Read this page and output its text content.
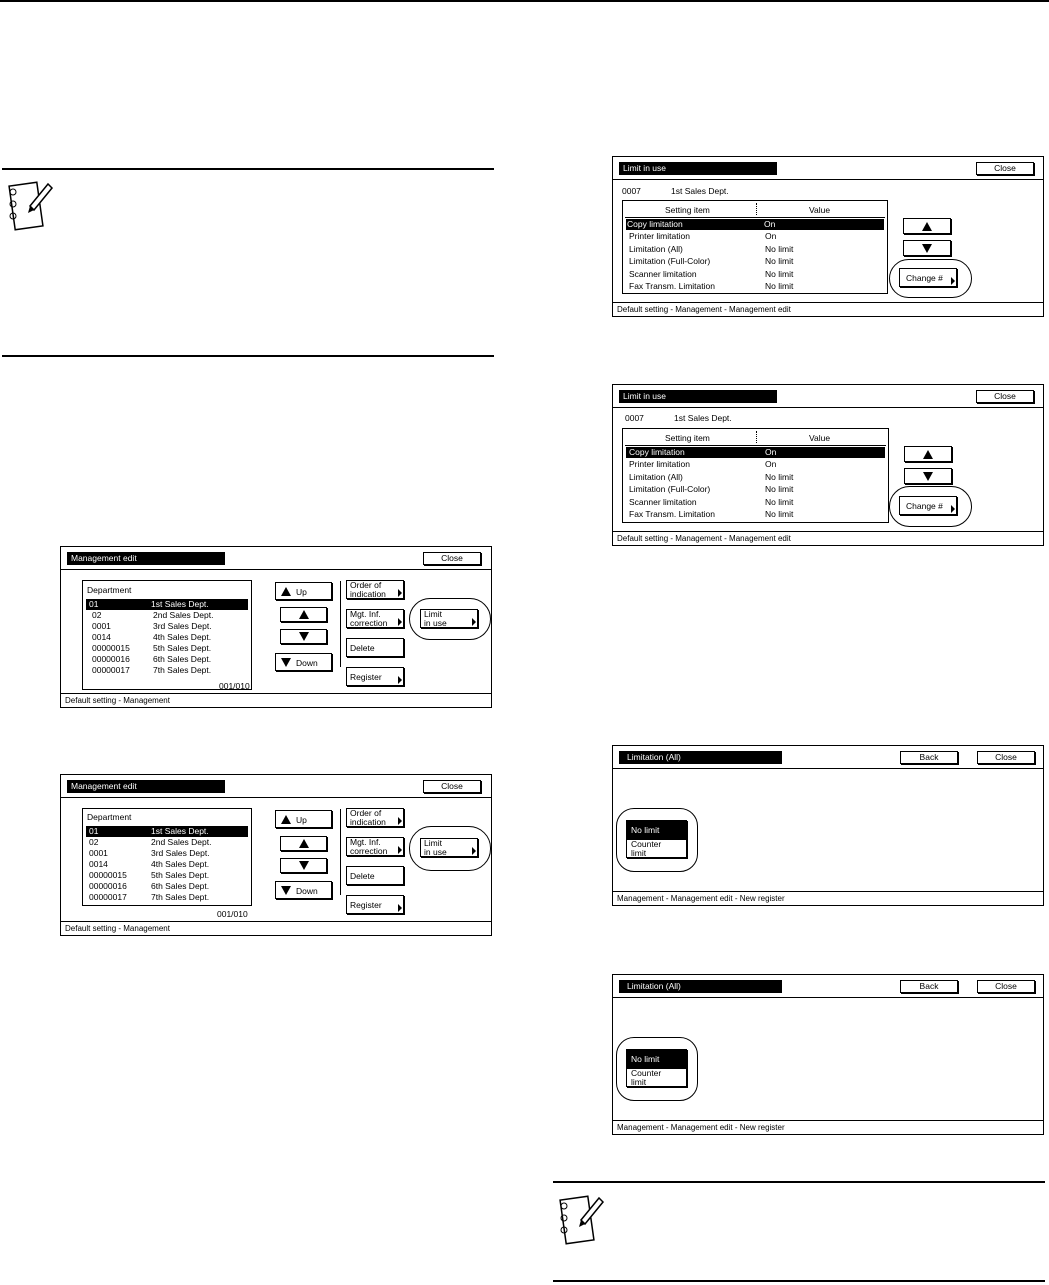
Management edit	Close
Department
01	1st Sales Dept.
02	2nd Sales Dept.
0001	3rd Sales Dept.
0014	4th Sales Dept.
00000015	5th Sales Dept.
00000016	6th Sales Dept.
00000017	7th Sales Dept.
001/010
Up
Down
Order of
indication
Mgt. Inf.
correction
Delete
Register
Limit
in use
Default setting - Management
Management edit	Close
Department
01	1st Sales Dept.
02	2nd Sales Dept.
0001	3rd Sales Dept.
0014	4th Sales Dept.
00000015	5th Sales Dept.
00000016	6th Sales Dept.
00000017	7th Sales Dept.
001/010
Up
Down
Order of
indication
Mgt. Inf.
correction
Delete
Register
Limit
in use
Default setting - Management
Limit in use	Close
0007	1st Sales Dept.
Setting item	Value
Copy limitation	On
Printer limitation	On
Limitation (All)	No limit
Limitation (Full-Color)	No limit
Scanner limitation	No limit
Fax Transm. Limitation	No limit
Change #
Default setting - Management - Management edit
Limit in use	Close
0007	1st Sales Dept.
Setting item	Value
Copy limitation	On
Printer limitation	On
Limitation (All)	No limit
Limitation (Full-Color)	No limit
Scanner limitation	No limit
Fax Transm. Limitation	No limit
Change #
Default setting - Management - Management edit
Limitation (All)	Back	Close
No limit
Counter
limit
Management - Management edit - New register
Limitation (All)	Back	Close
No limit
Counter
limit
Management - Management edit - New register
